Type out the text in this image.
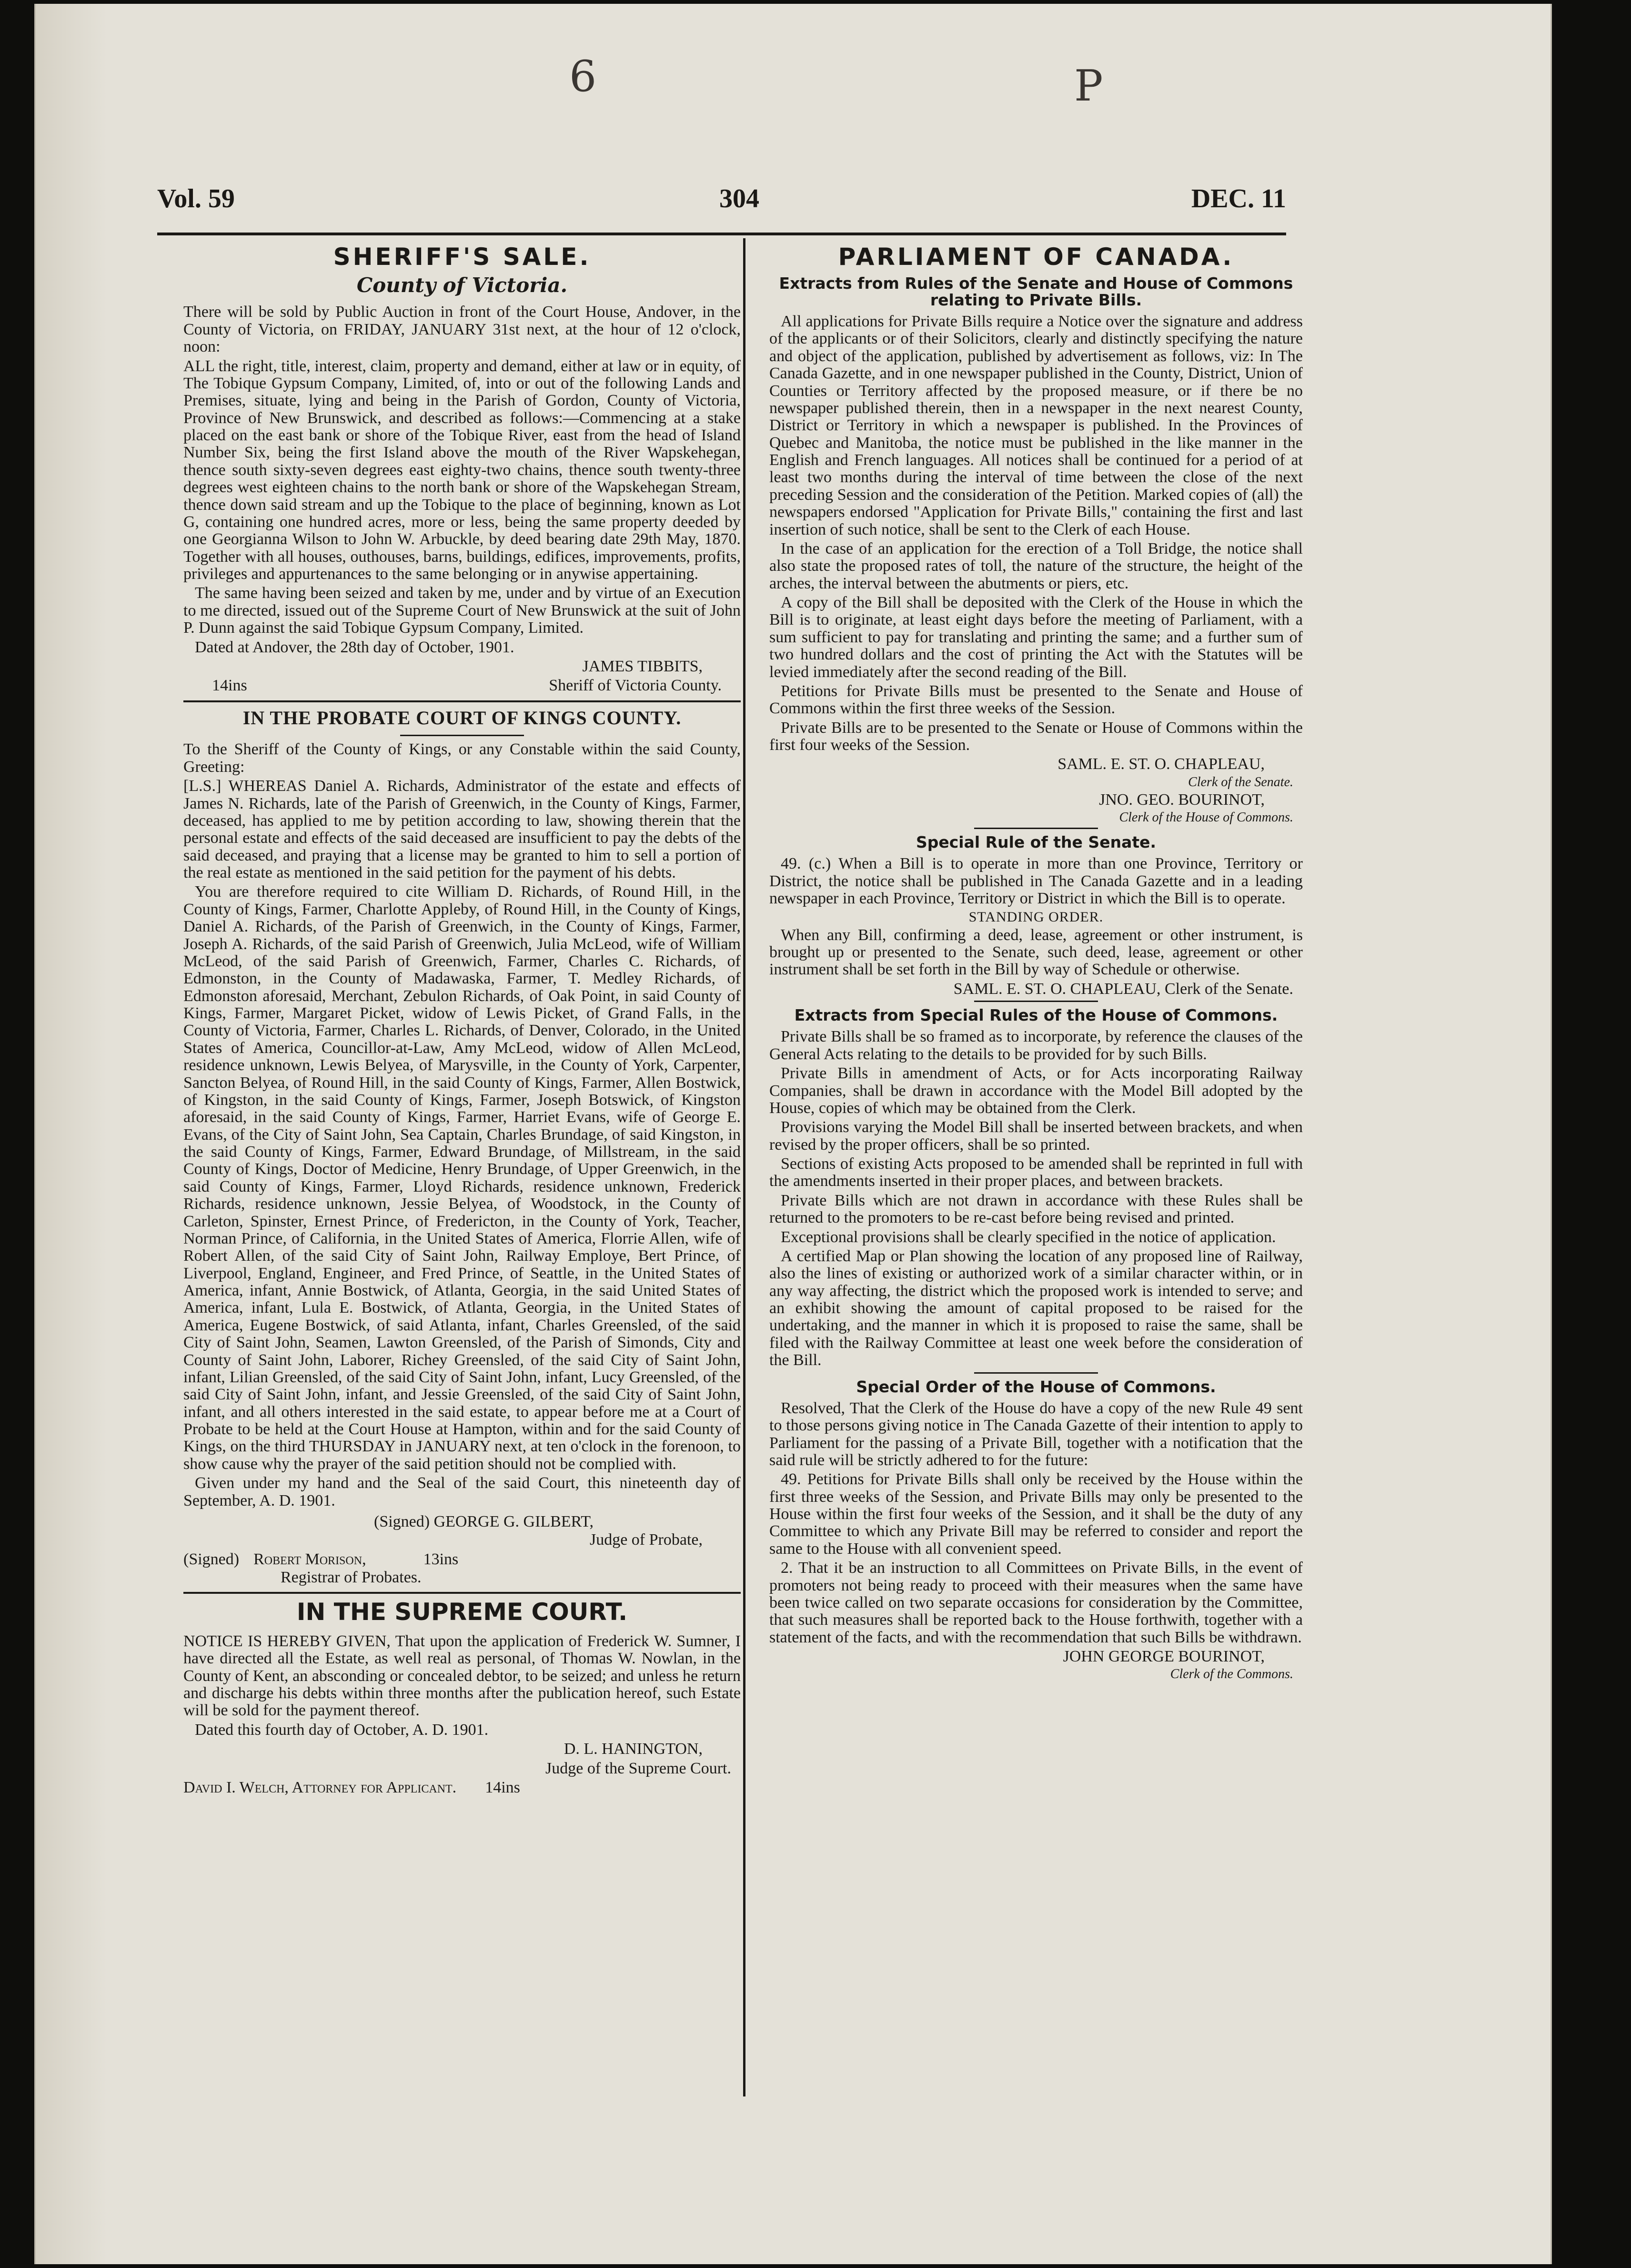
6	P
Vol. 59	304	DEC. 11
SHERIFF'S SALE.
County of Victoria.

There will be sold by Public Auction in front of the Court House, Andover, in the County of Victoria, on FRIDAY, JANUARY 31st next, at the hour of 12 o'clock, noon:

ALL the right, title, interest, claim, property and demand, either at law or in equity, of The Tobique Gypsum Company, Limited, of, into or out of the following Lands and Premises, situate, lying and being in the Parish of Gordon, County of Victoria, Province of New Brunswick, and described as follows:—Commencing at a stake placed on the east bank or shore of the Tobique River, east from the head of Island Number Six, being the first Island above the mouth of the River Wapskehegan, thence south sixty-seven degrees east eighty-two chains, thence south twenty-three degrees west eighteen chains to the north bank or shore of the Wapskehegan Stream, thence down said stream and up the Tobique to the place of beginning, known as Lot G, containing one hundred acres, more or less, being the same property deeded by one Georgianna Wilson to John W. Arbuckle, by deed bearing date 29th May, 1870. Together with all houses, outhouses, barns, buildings, edifices, improvements, profits, privileges and appurtenances to the same belonging or in anywise appertaining.

The same having been seized and taken by me, under and by virtue of an Execution to me directed, issued out of the Supreme Court of New Brunswick at the suit of John P. Dunn against the said Tobique Gypsum Company, Limited.

Dated at Andover, the 28th day of October, 1901.

JAMES TIBBITS,

14ins	Sheriff of Victoria County.
IN THE PROBATE COURT OF KINGS COUNTY.

To the Sheriff of the County of Kings, or any Constable within the said County, Greeting:

[L.S.] WHEREAS Daniel A. Richards, Administrator of the estate and effects of James N. Richards, late of the Parish of Greenwich, in the County of Kings, Farmer, deceased, has applied to me by petition according to law, showing therein that the personal estate and effects of the said deceased are insufficient to pay the debts of the said deceased, and praying that a license may be granted to him to sell a portion of the real estate as mentioned in the said petition for the payment of his debts.

You are therefore required to cite William D. Richards, of Round Hill, in the County of Kings, Farmer, Charlotte Appleby, of Round Hill, in the County of Kings, Daniel A. Richards, of the Parish of Greenwich, in the County of Kings, Farmer, Joseph A. Richards, of the said Parish of Greenwich, Julia McLeod, wife of William McLeod, of the said Parish of Greenwich, Farmer, Charles C. Richards, of Edmonston, in the County of Madawaska, Farmer, T. Medley Richards, of Edmonston aforesaid, Merchant, Zebulon Richards, of Oak Point, in said County of Kings, Farmer, Margaret Picket, widow of Lewis Picket, of Grand Falls, in the County of Victoria, Farmer, Charles L. Richards, of Denver, Colorado, in the United States of America, Councillor-at-Law, Amy McLeod, widow of Allen McLeod, residence unknown, Lewis Belyea, of Marysville, in the County of York, Carpenter, Sancton Belyea, of Round Hill, in the said County of Kings, Farmer, Allen Bostwick, of Kingston, in the said County of Kings, Farmer, Joseph Botswick, of Kingston aforesaid, in the said County of Kings, Farmer, Harriet Evans, wife of George E. Evans, of the City of Saint John, Sea Captain, Charles Brundage, of said Kingston, in the said County of Kings, Farmer, Edward Brundage, of Millstream, in the said County of Kings, Doctor of Medicine, Henry Brundage, of Upper Greenwich, in the said County of Kings, Farmer, Lloyd Richards, residence unknown, Frederick Richards, residence unknown, Jessie Belyea, of Woodstock, in the County of Carleton, Spinster, Ernest Prince, of Fredericton, in the County of York, Teacher, Norman Prince, of California, in the United States of America, Florrie Allen, wife of Robert Allen, of the said City of Saint John, Railway Employe, Bert Prince, of Liverpool, England, Engineer, and Fred Prince, of Seattle, in the United States of America, infant, Annie Bostwick, of Atlanta, Georgia, in the said United States of America, infant, Lula E. Bostwick, of Atlanta, Georgia, in the United States of America, Eugene Bostwick, of said Atlanta, infant, Charles Greensled, of the said City of Saint John, Seamen, Lawton Greensled, of the Parish of Simonds, City and County of Saint John, Laborer, Richey Greensled, of the said City of Saint John, infant, Lilian Greensled, of the said City of Saint John, infant, Lucy Greensled, of the said City of Saint John, infant, and Jessie Greensled, of the said City of Saint John, infant, and all others interested in the said estate, to appear before me at a Court of Probate to be held at the Court House at Hampton, within and for the said County of Kings, on the third THURSDAY in JANUARY next, at ten o'clock in the forenoon, to show cause why the prayer of the said petition should not be complied with.

Given under my hand and the Seal of the said Court, this nineteenth day of September, A. D. 1901.

(Signed) GEORGE G. GILBERT,

Judge of Probate,

(Signed) Robert Morison,	13ins

Registrar of Probates.

IN THE SUPREME COURT.

NOTICE IS HEREBY GIVEN, That upon the application of Frederick W. Sumner, I have directed all the Estate, as well real as personal, of Thomas W. Nowlan, in the County of Kent, an absconding or concealed debtor, to be seized; and unless he return and discharge his debts within three months after the publication hereof, such Estate will be sold for the payment thereof.

Dated this fourth day of October, A. D. 1901.

D. L. HANINGTON,

Judge of the Supreme Court.

David I. Welch, Attorney for Applicant.	14ins
PARLIAMENT OF CANADA.
Extracts from Rules of the Senate and House of Commons relating to Private Bills.

All applications for Private Bills require a Notice over the signature and address of the applicants or of their Solicitors, clearly and distinctly specifying the nature and object of the application, published by advertisement as follows, viz: In The Canada Gazette, and in one newspaper published in the County, District, Union of Counties or Territory affected by the proposed measure, or if there be no newspaper published therein, then in a newspaper in the next nearest County, District or Territory in which a newspaper is published. In the Provinces of Quebec and Manitoba, the notice must be published in the like manner in the English and French languages. All notices shall be continued for a period of at least two months during the interval of time between the close of the next preceding Session and the consideration of the Petition. Marked copies of (all) the newspapers endorsed "Application for Private Bills," containing the first and last insertion of such notice, shall be sent to the Clerk of each House.

In the case of an application for the erection of a Toll Bridge, the notice shall also state the proposed rates of toll, the nature of the structure, the height of the arches, the interval between the abutments or piers, etc.

A copy of the Bill shall be deposited with the Clerk of the House in which the Bill is to originate, at least eight days before the meeting of Parliament, with a sum sufficient to pay for translating and printing the same; and a further sum of two hundred dollars and the cost of printing the Act with the Statutes will be levied immediately after the second reading of the Bill.

Petitions for Private Bills must be presented to the Senate and House of Commons within the first three weeks of the Session.

Private Bills are to be presented to the Senate or House of Commons within the first four weeks of the Session.

SAML. E. ST. O. CHAPLEAU,

Clerk of the Senate.

JNO. GEO. BOURINOT,

Clerk of the House of Commons.

Special Rule of the Senate.

49. (c.) When a Bill is to operate in more than one Province, Territory or District, the notice shall be published in The Canada Gazette and in a leading newspaper in each Province, Territory or District in which the Bill is to operate.

STANDING ORDER.

When any Bill, confirming a deed, lease, agreement or other instrument, is brought up or presented to the Senate, such deed, lease, agreement or other instrument shall be set forth in the Bill by way of Schedule or otherwise.

SAML. E. ST. O. CHAPLEAU, Clerk of the Senate.

Extracts from Special Rules of the House of Commons.

Private Bills shall be so framed as to incorporate, by reference the clauses of the General Acts relating to the details to be provided for by such Bills.

Private Bills in amendment of Acts, or for Acts incorporating Railway Companies, shall be drawn in accordance with the Model Bill adopted by the House, copies of which may be obtained from the Clerk.

Provisions varying the Model Bill shall be inserted between brackets, and when revised by the proper officers, shall be so printed.

Sections of existing Acts proposed to be amended shall be reprinted in full with the amendments inserted in their proper places, and between brackets.

Private Bills which are not drawn in accordance with these Rules shall be returned to the promoters to be re-cast before being revised and printed.

Exceptional provisions shall be clearly specified in the notice of application.

A certified Map or Plan showing the location of any proposed line of Railway, also the lines of existing or authorized work of a similar character within, or in any way affecting, the district which the proposed work is intended to serve; and an exhibit showing the amount of capital proposed to be raised for the undertaking, and the manner in which it is proposed to raise the same, shall be filed with the Railway Committee at least one week before the consideration of the Bill.

Special Order of the House of Commons.

Resolved, That the Clerk of the House do have a copy of the new Rule 49 sent to those persons giving notice in The Canada Gazette of their intention to apply to Parliament for the passing of a Private Bill, together with a notification that the said rule will be strictly adhered to for the future:

49. Petitions for Private Bills shall only be received by the House within the first three weeks of the Session, and Private Bills may only be presented to the House within the first four weeks of the Session, and it shall be the duty of any Committee to which any Private Bill may be referred to consider and report the same to the House with all convenient speed.

2. That it be an instruction to all Committees on Private Bills, in the event of promoters not being ready to proceed with their measures when the same have been twice called on two separate occasions for consideration by the Committee, that such measures shall be reported back to the House forthwith, together with a statement of the facts, and with the recommendation that such Bills be withdrawn.

JOHN GEORGE BOURINOT,

Clerk of the Commons.
